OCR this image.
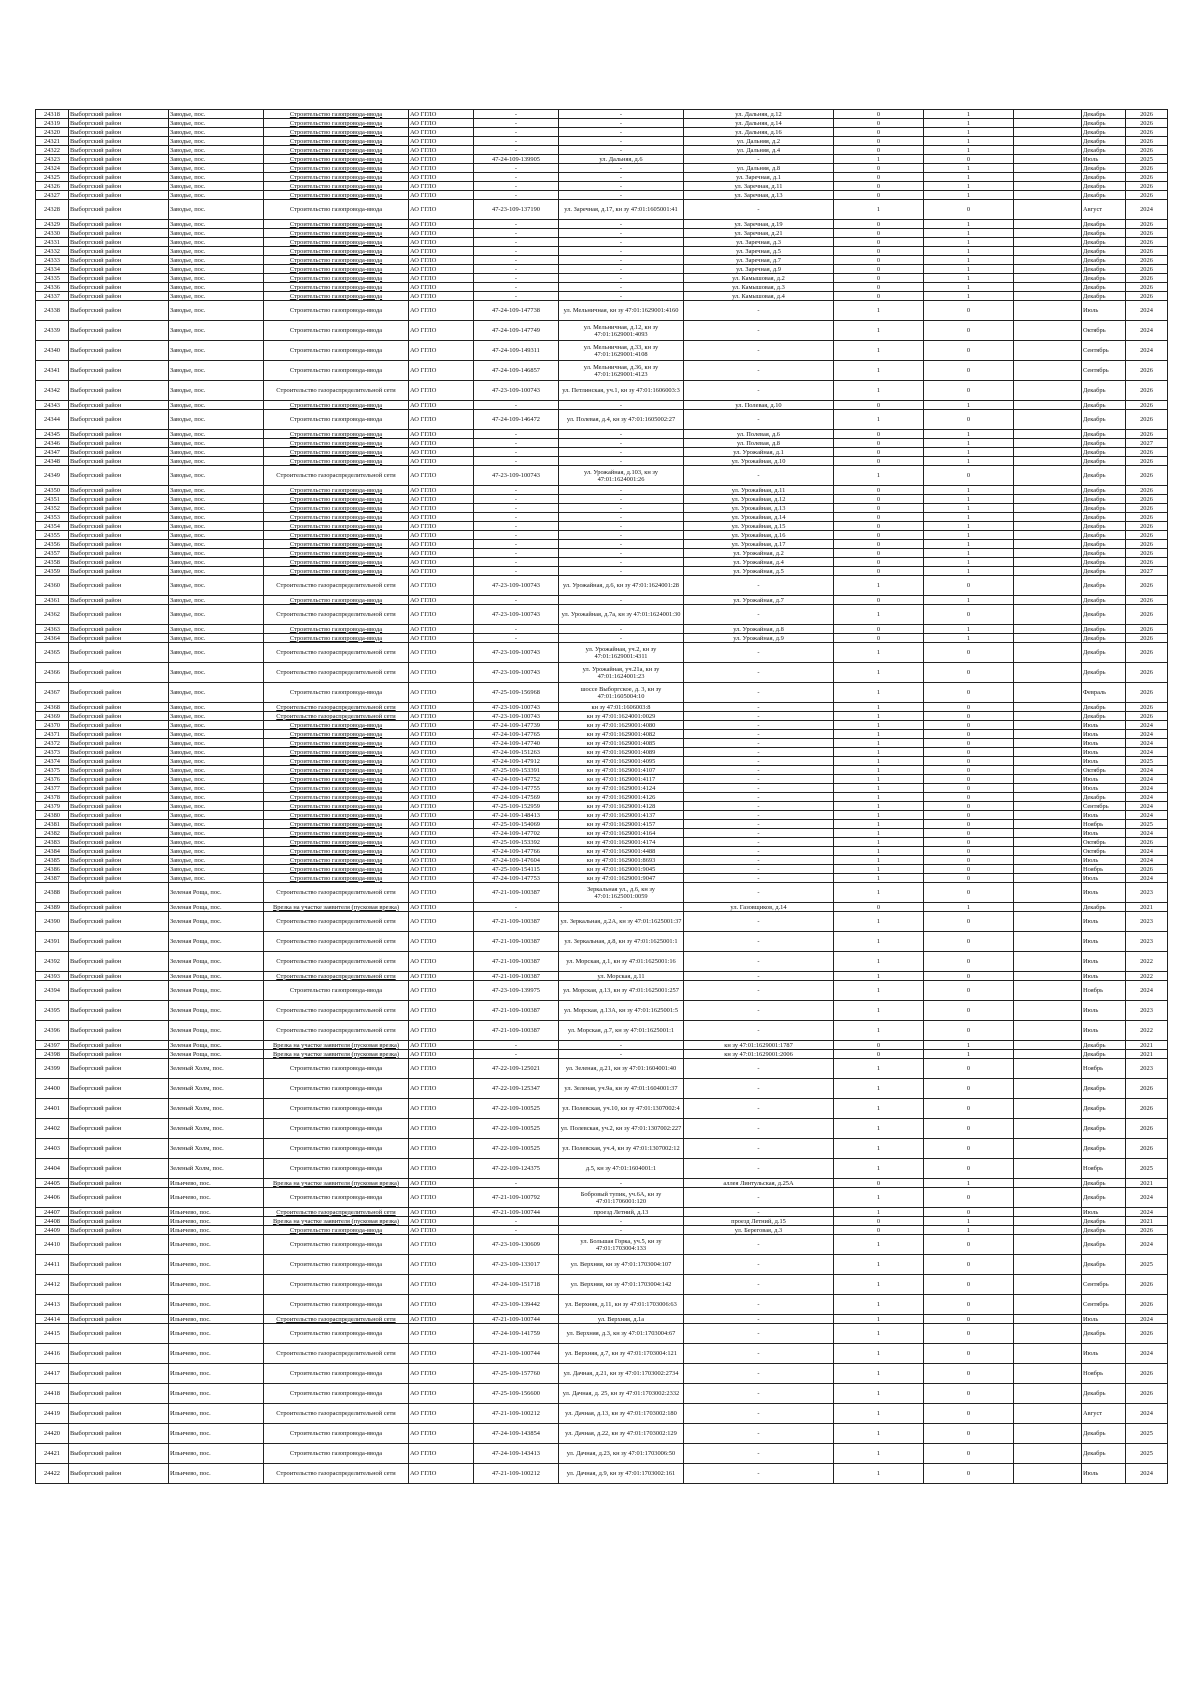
24318	Выборгский район	Заводье, пос.	Строительство газопровода-ввода	АО ГГЛО	-	-	ул. Дальняя, д.12	0	1		Декабрь	2026
24319	Выборгский район	Заводье, пос.	Строительство газопровода-ввода	АО ГГЛО	-	-	ул. Дальняя, д.14	0	1		Декабрь	2026
24320	Выборгский район	Заводье, пос.	Строительство газопровода-ввода	АО ГГЛО	-	-	ул. Дальняя, д.16	0	1		Декабрь	2026
24321	Выборгский район	Заводье, пос.	Строительство газопровода-ввода	АО ГГЛО	-	-	ул. Дальняя, д.2	0	1		Декабрь	2026
24322	Выборгский район	Заводье, пос.	Строительство газопровода-ввода	АО ГГЛО	-	-	ул. Дальняя, д.4	0	1		Декабрь	2026
24323	Выборгский район	Заводье, пос.	Строительство газопровода-ввода	АО ГГЛО	47-24-109-139905	ул. Дальняя, д.6	-	1	0		Июль	2025
24324	Выборгский район	Заводье, пос.	Строительство газопровода-ввода	АО ГГЛО	-	-	ул. Дальняя, д.8	0	1		Декабрь	2026
24325	Выборгский район	Заводье, пос.	Строительство газопровода-ввода	АО ГГЛО	-	-	ул. Заречная, д.1	0	1		Декабрь	2026
24326	Выборгский район	Заводье, пос.	Строительство газопровода-ввода	АО ГГЛО	-	-	ул. Заречная, д.11	0	1		Декабрь	2026
24327	Выборгский район	Заводье, пос.	Строительство газопровода-ввода	АО ГГЛО	-	-	ул. Заречная, д.13	0	1		Декабрь	2026
24328	Выборгский район	Заводье, пос.	Строительство газопровода-ввода	АО ГГЛО	47-23-109-137190	ул. Заречная, д.17, кн зу 47:01:1605001:41	-	1	0		Август	2024
24329	Выборгский район	Заводье, пос.	Строительство газопровода-ввода	АО ГГЛО	-	-	ул. Заречная, д.19	0	1		Декабрь	2026
24330	Выборгский район	Заводье, пос.	Строительство газопровода-ввода	АО ГГЛО	-	-	ул. Заречная, д.21	0	1		Декабрь	2026
24331	Выборгский район	Заводье, пос.	Строительство газопровода-ввода	АО ГГЛО	-	-	ул. Заречная, д.3	0	1		Декабрь	2026
24332	Выборгский район	Заводье, пос.	Строительство газопровода-ввода	АО ГГЛО	-	-	ул. Заречная, д.5	0	1		Декабрь	2026
24333	Выборгский район	Заводье, пос.	Строительство газопровода-ввода	АО ГГЛО	-	-	ул. Заречная, д.7	0	1		Декабрь	2026
24334	Выборгский район	Заводье, пос.	Строительство газопровода-ввода	АО ГГЛО	-	-	ул. Заречная, д.9	0	1		Декабрь	2026
24335	Выборгский район	Заводье, пос.	Строительство газопровода-ввода	АО ГГЛО	-	-	ул. Камышовая, д.2	0	1		Декабрь	2026
24336	Выборгский район	Заводье, пос.	Строительство газопровода-ввода	АО ГГЛО	-	-	ул. Камышовая, д.3	0	1		Декабрь	2026
24337	Выборгский район	Заводье, пос.	Строительство газопровода-ввода	АО ГГЛО	-	-	ул. Камышовая, д.4	0	1		Декабрь	2026
24338	Выборгский район	Заводье, пос.	Строительство газопровода-ввода	АО ГГЛО	47-24-109-147738	ул. Мельничная, кн зу 47:01:1629001:4160	-	1	0		Июль	2024
24339	Выборгский район	Заводье, пос.	Строительство газопровода-ввода	АО ГГЛО	47-24-109-147749	ул. Мельничная, д.12, кн зу 47:01:1629001:4093	-	1	0		Октябрь	2024
24340	Выборгский район	Заводье, пос.	Строительство газопровода-ввода	АО ГГЛО	47-24-109-149311	ул. Мельничная, д.33, кн зу 47:01:1629001:4108	-	1	0		Сентябрь	2024
24341	Выборгский район	Заводье, пос.	Строительство газопровода-ввода	АО ГГЛО	47-24-109-146857	ул. Мельничная, д.36, кн зу 47:01:1629001:4123	-	1	0		Сентябрь	2026
24342	Выборгский район	Заводье, пос.	Строительство газораспределительной сети	АО ГГЛО	47-23-109-100743	ул. Петлинская, уч.1, кн зу 47:01:1606003:3	-	1	0		Декабрь	2026
24343	Выборгский район	Заводье, пос.	Строительство газопровода-ввода	АО ГГЛО	-	-	ул. Полевая, д.10	0	1		Декабрь	2026
24344	Выборгский район	Заводье, пос.	Строительство газопровода-ввода	АО ГГЛО	47-24-109-146472	ул. Полевая, д.4, кн зу 47:01:1605002:27	-	1	0		Декабрь	2026
24345	Выборгский район	Заводье, пос.	Строительство газопровода-ввода	АО ГГЛО	-	-	ул. Полевая, д.6	0	1		Декабрь	2026
24346	Выборгский район	Заводье, пос.	Строительство газопровода-ввода	АО ГГЛО	-	-	ул. Полевая, д.8	0	1		Декабрь	2027
24347	Выборгский район	Заводье, пос.	Строительство газопровода-ввода	АО ГГЛО	-	-	ул. Урожайная, д.1	0	1		Декабрь	2026
24348	Выборгский район	Заводье, пос.	Строительство газопровода-ввода	АО ГГЛО	-	-	ул. Урожайная, д.10	0	1		Декабрь	2026
24349	Выборгский район	Заводье, пос.	Строительство газораспределительной сети	АО ГГЛО	47-23-109-100743	ул. Урожайная, д.103, кн зу 47:01:1624001:26	-	1	0		Декабрь	2026
24350	Выборгский район	Заводье, пос.	Строительство газопровода-ввода	АО ГГЛО	-	-	ул. Урожайная, д.11	0	1		Декабрь	2026
24351	Выборгский район	Заводье, пос.	Строительство газопровода-ввода	АО ГГЛО	-	-	ул. Урожайная, д.12	0	1		Декабрь	2026
24352	Выборгский район	Заводье, пос.	Строительство газопровода-ввода	АО ГГЛО	-	-	ул. Урожайная, д.13	0	1		Декабрь	2026
24353	Выборгский район	Заводье, пос.	Строительство газопровода-ввода	АО ГГЛО	-	-	ул. Урожайная, д.14	0	1		Декабрь	2026
24354	Выборгский район	Заводье, пос.	Строительство газопровода-ввода	АО ГГЛО	-	-	ул. Урожайная, д.15	0	1		Декабрь	2026
24355	Выборгский район	Заводье, пос.	Строительство газопровода-ввода	АО ГГЛО	-	-	ул. Урожайная, д.16	0	1		Декабрь	2026
24356	Выборгский район	Заводье, пос.	Строительство газопровода-ввода	АО ГГЛО	-	-	ул. Урожайная, д.17	0	1		Декабрь	2026
24357	Выборгский район	Заводье, пос.	Строительство газопровода-ввода	АО ГГЛО	-	-	ул. Урожайная, д.2	0	1		Декабрь	2026
24358	Выборгский район	Заводье, пос.	Строительство газопровода-ввода	АО ГГЛО	-	-	ул. Урожайная, д.4	0	1		Декабрь	2026
24359	Выборгский район	Заводье, пос.	Строительство газопровода-ввода	АО ГГЛО	-	-	ул. Урожайная, д.5	0	1		Декабрь	2027
24360	Выборгский район	Заводье, пос.	Строительство газораспределительной сети	АО ГГЛО	47-23-109-100743	ул. Урожайная, д.6, кн зу 47:01:1624001:28	-	1	0		Декабрь	2026
24361	Выборгский район	Заводье, пос.	Строительство газопровода-ввода	АО ГГЛО	-	-	ул. Урожайная, д.7	0	1		Декабрь	2026
24362	Выборгский район	Заводье, пос.	Строительство газораспределительной сети	АО ГГЛО	47-23-109-100743	ул. Урожайная, д.7а, кн зу 47:01:1624001:30	-	1	0		Декабрь	2026
24363	Выборгский район	Заводье, пос.	Строительство газопровода-ввода	АО ГГЛО	-	-	ул. Урожайная, д.8	0	1		Декабрь	2026
24364	Выборгский район	Заводье, пос.	Строительство газопровода-ввода	АО ГГЛО	-	-	ул. Урожайная, д.9	0	1		Декабрь	2026
24365	Выборгский район	Заводье, пос.	Строительство газораспределительной сети	АО ГГЛО	47-23-109-100743	ул. Урожайная, уч.2, кн зу 47:01:1629001:4311	-	1	0		Декабрь	2026
24366	Выборгский район	Заводье, пос.	Строительство газораспределительной сети	АО ГГЛО	47-23-109-100743	ул. Урожайная, уч.21а, кн зу 47:01:1624001:23	-	1	0		Декабрь	2026
24367	Выборгский район	Заводье, пос.	Строительство газопровода-ввода	АО ГГЛО	47-25-109-156968	шоссе Выборгское, д. 3, кн зу 47:01:1605004:10	-	1	0		Февраль	2026
24368	Выборгский район	Заводье, пос.	Строительство газораспределительной сети	АО ГГЛО	47-23-109-100743	кн зу 47:01:1606003:8	-	1	0		Декабрь	2026
24369	Выборгский район	Заводье, пос.	Строительство газораспределительной сети	АО ГГЛО	47-23-109-100743	кн зу 47:01:1624001:0029	-	1	0		Декабрь	2026
24370	Выборгский район	Заводье, пос.	Строительство газопровода-ввода	АО ГГЛО	47-24-109-147739	кн зу 47:01:1629001:4080	-	1	0		Июль	2024
24371	Выборгский район	Заводье, пос.	Строительство газопровода-ввода	АО ГГЛО	47-24-109-147765	кн зу 47:01:1629001:4082	-	1	0		Июль	2024
24372	Выборгский район	Заводье, пос.	Строительство газопровода-ввода	АО ГГЛО	47-24-109-147740	кн зу 47:01:1629001:4085	-	1	0		Июль	2024
24373	Выборгский район	Заводье, пос.	Строительство газопровода-ввода	АО ГГЛО	47-24-109-151263	кн зу 47:01:1629001:4089	-	1	0		Июль	2024
24374	Выборгский район	Заводье, пос.	Строительство газопровода-ввода	АО ГГЛО	47-24-109-147912	кн зу 47:01:1629001:4095	-	1	0		Июль	2025
24375	Выборгский район	Заводье, пос.	Строительство газопровода-ввода	АО ГГЛО	47-25-109-153391	кн зу 47:01:1629001:4107	-	1	0		Октябрь	2024
24376	Выборгский район	Заводье, пос.	Строительство газопровода-ввода	АО ГГЛО	47-24-109-147752	кн зу 47:01:1629001:4117	-	1	0		Июль	2024
24377	Выборгский район	Заводье, пос.	Строительство газопровода-ввода	АО ГГЛО	47-24-109-147755	кн зу 47:01:1629001:4124	-	1	0		Июль	2024
24378	Выборгский район	Заводье, пос.	Строительство газопровода-ввода	АО ГГЛО	47-24-109-147569	кн зу 47:01:1629001:4126	-	1	0		Декабрь	2024
24379	Выборгский район	Заводье, пос.	Строительство газопровода-ввода	АО ГГЛО	47-25-109-152959	кн зу 47:01:1629001:4128	-	1	0		Сентябрь	2024
24380	Выборгский район	Заводье, пос.	Строительство газопровода-ввода	АО ГГЛО	47-24-109-148413	кн зу 47:01:1629001:4137	-	1	0		Июль	2024
24381	Выборгский район	Заводье, пос.	Строительство газопровода-ввода	АО ГГЛО	47-25-109-154069	кн зу 47:01:1629001:4157	-	1	0		Ноябрь	2025
24382	Выборгский район	Заводье, пос.	Строительство газопровода-ввода	АО ГГЛО	47-24-109-147702	кн зу 47:01:1629001:4164	-	1	0		Июль	2024
24383	Выборгский район	Заводье, пос.	Строительство газопровода-ввода	АО ГГЛО	47-25-109-153392	кн зу 47:01:1629001:4174	-	1	0		Октябрь	2026
24384	Выборгский район	Заводье, пос.	Строительство газопровода-ввода	АО ГГЛО	47-24-109-147766	кн зу 47:01:1629001:4488	-	1	0		Октябрь	2024
24385	Выборгский район	Заводье, пос.	Строительство газопровода-ввода	АО ГГЛО	47-24-109-147604	кн зу 47:01:1629001:8693	-	1	0		Июль	2024
24386	Выборгский район	Заводье, пос.	Строительство газопровода-ввода	АО ГГЛО	47-25-109-154115	кн зу 47:01:1629001:9045	-	1	0		Ноябрь	2026
24387	Выборгский район	Заводье, пос.	Строительство газопровода-ввода	АО ГГЛО	47-24-109-147753	кн зу 47:01:1629001:9047	-	1	0		Июль	2024
24388	Выборгский район	Зеленая Роща, пос.	Строительство газораспределительной сети	АО ГГЛО	47-21-109-100387	Зеркальная ул., д.6, кн зу 47:01:1625001:0059	-	1	0		Июль	2023
24389	Выборгский район	Зеленая Роща, пос.	Врезка на участке заявителя (пусковая врезка)	АО ГГЛО	-	-	ул. Газовщиков, д.14	0	1		Декабрь	2021
24390	Выборгский район	Зеленая Роща, пос.	Строительство газораспределительной сети	АО ГГЛО	47-21-109-100387	ул. Зеркальная, д.2А, кн зу 47:01:1625001:37	-	1	0		Июль	2023
24391	Выборгский район	Зеленая Роща, пос.	Строительство газораспределительной сети	АО ГГЛО	47-21-109-100387	ул. Зеркальная, д.8, кн зу 47:01:1625001:1	-	1	0		Июль	2023
24392	Выборгский район	Зеленая Роща, пос.	Строительство газораспределительной сети	АО ГГЛО	47-21-109-100387	ул. Морская, д.1, кн зу 47:01:1625001:16	-	1	0		Июль	2022
24393	Выборгский район	Зеленая Роща, пос.	Строительство газораспределительной сети	АО ГГЛО	47-21-109-100387	ул. Морская, д.11	-	1	0		Июль	2022
24394	Выборгский район	Зеленая Роща, пос.	Строительство газопровода-ввода	АО ГГЛО	47-23-109-139975	ул. Морская, д.13, кн зу 47:01:1625001:257	-	1	0		Ноябрь	2024
24395	Выборгский район	Зеленая Роща, пос.	Строительство газораспределительной сети	АО ГГЛО	47-21-109-100387	ул. Морская, д.13А, кн зу 47:01:1625001:5	-	1	0		Июль	2023
24396	Выборгский район	Зеленая Роща, пос.	Строительство газораспределительной сети	АО ГГЛО	47-21-109-100387	ул. Морская, д.7, кн зу 47:01:1625001:1	-	1	0		Июль	2022
24397	Выборгский район	Зеленая Роща, пос.	Врезка на участке заявителя (пусковая врезка)	АО ГГЛО	-	-	кн зу 47:01:1629001:1787	0	1		Декабрь	2021
24398	Выборгский район	Зеленая Роща, пос.	Врезка на участке заявителя (пусковая врезка)	АО ГГЛО	-	-	кн зу 47:01:1629001:2006	0	1		Декабрь	2021
24399	Выборгский район	Зеленый Холм, пос.	Строительство газопровода-ввода	АО ГГЛО	47-22-109-125021	ул. Зеленая, д.21, кн зу 47:01:1604001:40	-	1	0		Ноябрь	2023
24400	Выборгский район	Зеленый Холм, пос.	Строительство газопровода-ввода	АО ГГЛО	47-22-109-125347	ул. Зеленая, уч.9а, кн зу 47:01:1604001:37	-	1	0		Декабрь	2026
24401	Выборгский район	Зеленый Холм, пос.	Строительство газопровода-ввода	АО ГГЛО	47-22-109-100525	ул. Полевская, уч.10, кн зу 47:01:1307002:4	-	1	0		Декабрь	2026
24402	Выборгский район	Зеленый Холм, пос.	Строительство газопровода-ввода	АО ГГЛО	47-22-109-100525	ул. Полевская, уч.2, кн зу 47:01:1307002:227	-	1	0		Декабрь	2026
24403	Выборгский район	Зеленый Холм, пос.	Строительство газопровода-ввода	АО ГГЛО	47-22-109-100525	ул. Полевская, уч.4, кн зу 47:01:1307002:12	-	1	0		Декабрь	2026
24404	Выборгский район	Зеленый Холм, пос.	Строительство газопровода-ввода	АО ГГЛО	47-22-109-124375	д.5, кн зу 47:01:1604001:1	-	1	0		Ноябрь	2025
24405	Выборгский район	Ильичево, пос.	Врезка на участке заявителя (пусковая врезка)	АО ГГЛО	-	-	аллея Линтульская, д.25А	0	1		Декабрь	2021
24406	Выборгский район	Ильичево, пос.	Строительство газопровода-ввода	АО ГГЛО	47-21-109-100792	Бобровый тупик, уч.6А, кн зу 47:01:1706001:120	-	1	0		Декабрь	2024
24407	Выборгский район	Ильичево, пос.	Строительство газораспределительной сети	АО ГГЛО	47-21-109-100744	проезд Летний, д.13	-	1	0		Июль	2024
24408	Выборгский район	Ильичево, пос.	Врезка на участке заявителя (пусковая врезка)	АО ГГЛО	-	-	проезд Летний, д.15	0	1		Декабрь	2021
24409	Выборгский район	Ильичево, пос.	Строительство газопровода-ввода	АО ГГЛО	-	-	ул. Береговая, д.3	0	1		Декабрь	2026
24410	Выборгский район	Ильичево, пос.	Строительство газопровода-ввода	АО ГГЛО	47-23-109-130609	ул. Большая Горка, уч.5, кн зу 47:01:1703004:133	-	1	0		Декабрь	2024
24411	Выборгский район	Ильичево, пос.	Строительство газопровода-ввода	АО ГГЛО	47-23-109-133017	ул. Верхняя, кн зу 47:01:1703004:107	-	1	0		Декабрь	2025
24412	Выборгский район	Ильичево, пос.	Строительство газопровода-ввода	АО ГГЛО	47-24-109-151718	ул. Верхняя, кн зу 47:01:1703004:142	-	1	0		Сентябрь	2026
24413	Выборгский район	Ильичево, пос.	Строительство газопровода-ввода	АО ГГЛО	47-23-109-139442	ул. Верхняя, д.11, кн зу 47:01:1703006:63	-	1	0		Сентябрь	2026
24414	Выборгский район	Ильичево, пос.	Строительство газораспределительной сети	АО ГГЛО	47-21-109-100744	ул. Верхняя, д.1а	-	1	0		Июль	2024
24415	Выборгский район	Ильичево, пос.	Строительство газопровода-ввода	АО ГГЛО	47-24-109-141759	ул. Верхняя, д.3, кн зу 47:01:1703004:67	-	1	0		Декабрь	2026
24416	Выборгский район	Ильичево, пос.	Строительство газораспределительной сети	АО ГГЛО	47-21-109-100744	ул. Верхняя, д.7, кн зу 47:01:1703004:121	-	1	0		Июль	2024
24417	Выборгский район	Ильичево, пос.	Строительство газопровода-ввода	АО ГГЛО	47-25-109-157760	ул. Дачная, д.21, кн зу 47:01:1703002:2734	-	1	0		Ноябрь	2026
24418	Выборгский район	Ильичево, пос.	Строительство газопровода-ввода	АО ГГЛО	47-25-109-156600	ул. Дачная, д. 25, кн зу 47:01:1703002:2332	-	1	0		Декабрь	2026
24419	Выборгский район	Ильичево, пос.	Строительство газораспределительной сети	АО ГГЛО	47-21-109-100212	ул. Дачная, д.13, кн зу 47:01:1703002:180	-	1	0		Август	2024
24420	Выборгский район	Ильичево, пос.	Строительство газопровода-ввода	АО ГГЛО	47-24-109-143854	ул. Дачная, д.22, кн зу 47:01:1703002:129	-	1	0		Декабрь	2025
24421	Выборгский район	Ильичево, пос.	Строительство газопровода-ввода	АО ГГЛО	47-24-109-143413	ул. Дачная, д.23, кн зу 47:01:1703006:50	-	1	0		Декабрь	2025
24422	Выборгский район	Ильичево, пос.	Строительство газораспределительной сети	АО ГГЛО	47-21-109-100212	ул. Дачная, д.9, кн зу 47:01:1703002:161	-	1	0		Июль	2024
